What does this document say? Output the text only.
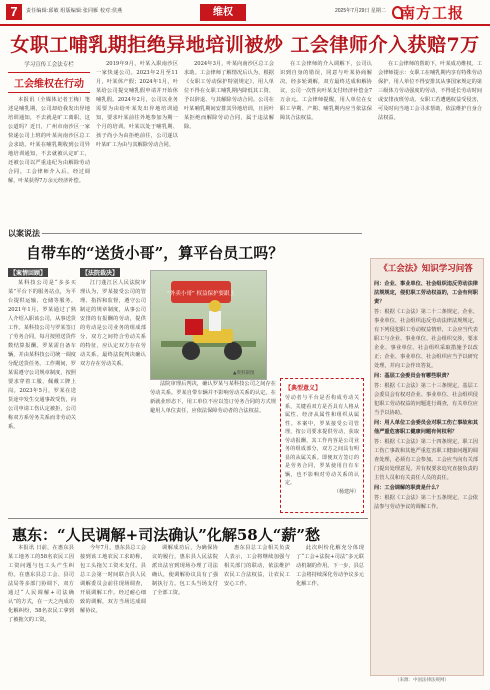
7	责任编辑:邱敏 组版编辑:张同雁 校对:侯燕	维权	2025年7月29日 星期二 南方工报
女职工哺乳期拒绝异地培训被炒 工会律师介入获赔7万
学习宣传工会法专栏
工会维权在行动

本报讯（全媒体记者王梅）笔述是哺乳期，公司却给我发出异地培训通知，不去就是旷工离职，这公道吗？近日，广州市南沙区一家快递公司上班的叶某向南沙区总工会求助。叶某在哺乳期收到公司异地培训通知，不去就被认定旷工，还被公司以严重违纪为由解除劳动合同。工会律师介入后，经过调解，叶某获得7万余元经济补偿。

2019年9月，叶某入职南沙区一家快递公司。2023年2月至11月，叶某休产假；2024年1月，叶某给公司提交哺乳假申请并开始休哺乳假。2024年2月，公司以业务需要为由给叶某发出异地培训通知，要求叶某前往外地参加为期一个月的培训。叶某以处于哺乳期、孩子尚小为由拒绝前往，公司遂以叶某旷工为由与其解除劳动合同。

2024年3月，叶某向南沙区总工会求助。工会律师了解情况后认为，根据《女职工劳动保护特别规定》，用人单位不得在女职工哺乳期内降低其工资、予以辞退、与其解除劳动合同。公司在叶某哺乳期间安排其异地培训，且因叶某拒绝而解除劳动合同，属于违法解除。

在工会律师的介入调解下，公司认识到自身的错误，同意与叶某协商解决。经多轮调解，双方最终达成和解协议，公司一次性向叶某支付经济补偿金7万余元。工会律师提醒，用人单位在女职工孕期、产期、哺乳期内应当依法保障其合法权益。

在工会律师的帮助下，叶某成功维权。工会律师提示：女职工在哺乳期内享有特殊劳动保护，用人单位不得安排其从事国家规定的第三级体力劳动强度的劳动，不得延长劳动时间或安排夜班劳动。女职工若遭遇权益受侵害，可及时向当地工会寻求帮助，依法维护自身合法权益。

以案说法
自带车的“送货小哥”，算平台员工吗？
【案情回顾】

某科技公司是“多多买菜”平台下的服务站点，为平台提供运输、仓储等服务。2021年1月，罗某通过了熟人介绍入职该公司，从事送货工作。某科技公司与罗某签订了劳务合同，每月按照送货件数结算报酬。罗某需自备车辆，并由某科技公司统一调度分配送货任务。工作期间，罗某需遵守公司规章制度，按照要求穿着工服、佩戴工牌上岗。2023年5月，罗某在送货途中发生交通事故受伤，向公司申请工伤认定被拒，公司称双方系劳务关系而非劳动关系。

【法院裁决】

江门蓬江区人民法院审理认为，罗某接受公司的管理、指挥和监督，遵守公司制定的规章制度，从事公司安排的有报酬的劳动，提供的劳动是公司业务的组成部分，双方之间符合劳动关系的特征，应认定双方存在劳动关系。最终法院判决确认双方存在劳动关系。

“外卖小哥” 权益保护要跟上
▲资料制图

法院审理后判决，确认罗某与某科技公司之间存在劳动关系。罗某自带车辆并不影响劳动关系的认定。在新就业形态下，用工单位不应以签订劳务合同的方式规避用人单位责任，应依法保障劳动者的合法权益。

【典型意义】
劳动者与平台是否构成劳动关系，关键看双方是否具有人格从属性、经济从属性和组织从属性。本案中，罗某接受公司管理，按公司要求提供劳动，获取劳动报酬，其工作内容是公司业务的组成部分，双方之间具有明显的从属关系。即便双方签订的是劳务合同，罗某使用自有车辆，也不影响对劳动关系的认定。
（杨建萍）
《工会法》知识学习问答

问：企业、事业单位、社会组织违反劳动法律法规规定，侵犯职工劳动权益的，工会有何职责？

答：根据《工会法》第二十二条规定，企业、事业单位、社会组织违反劳动法律法规规定，有下列侵犯职工劳动权益情形，工会应当代表职工与企业、事业单位、社会组织交涉，要求企业、事业单位、社会组织采取措施予以改正；企业、事业单位、社会组织应当予以研究处理，并向工会作出答复。

问：基层工会委员会有哪些职责？

答：根据《工会法》第二十三条规定，基层工会委员会有权对企业、事业单位、社会组织侵犯职工劳动权益的问题进行调查，有关单位应当予以协助。

问：用人单位工会委员会对职工伤亡事故和其他严重危害职工健康问题有何权利？

答：根据《工会法》第二十四条规定，职工因工伤亡事故和其他严重危害职工健康问题的调查处理，必须有工会参加。工会应当向有关部门提出处理意见，并有权要求追究直接负责的主管人员和有关责任人员的责任。

问：工会调解的职责是什么？

答：根据《工会法》第二十五条规定，工会依法参与劳动争议的调解工作。

惠东：“人民调解+司法确认”化解58人“薪”愁

本报讯 日前，在惠东县某工地务工的58名农民工因工资问题与包工头产生纠纷。在惠东县总工会、县司法局等多部门协调下，双方通过“人民调解+司法确认”的方式，在一天之内成功化解纠纷，58名农民工拿到了被拖欠的工资。

今年7月，惠东县总工会接到该工地农民工求助称，包工头拖欠工资未支付。县总工会第一时间联合县人民调解委员会前往现场调查，开展调解工作。经过耐心细致的调解，双方当场达成调解协议。

调解成功后，为确保协议的履行，惠东县人民法院派出法官到现场办理了司法确认，使调解协议具有了强制执行力。包工头当场支付了全部工资。

惠东县总工会相关负责人表示，工会将继续加强与相关部门的联动，依法维护农民工合法权益，让农民工安心工作。

此次纠纷化解充分体现了“工会+法院+司法”多元联动机制的作用。下一步，县总工会将持续深化劳动争议多元化解工作。

（来源：中国法律法规网）
